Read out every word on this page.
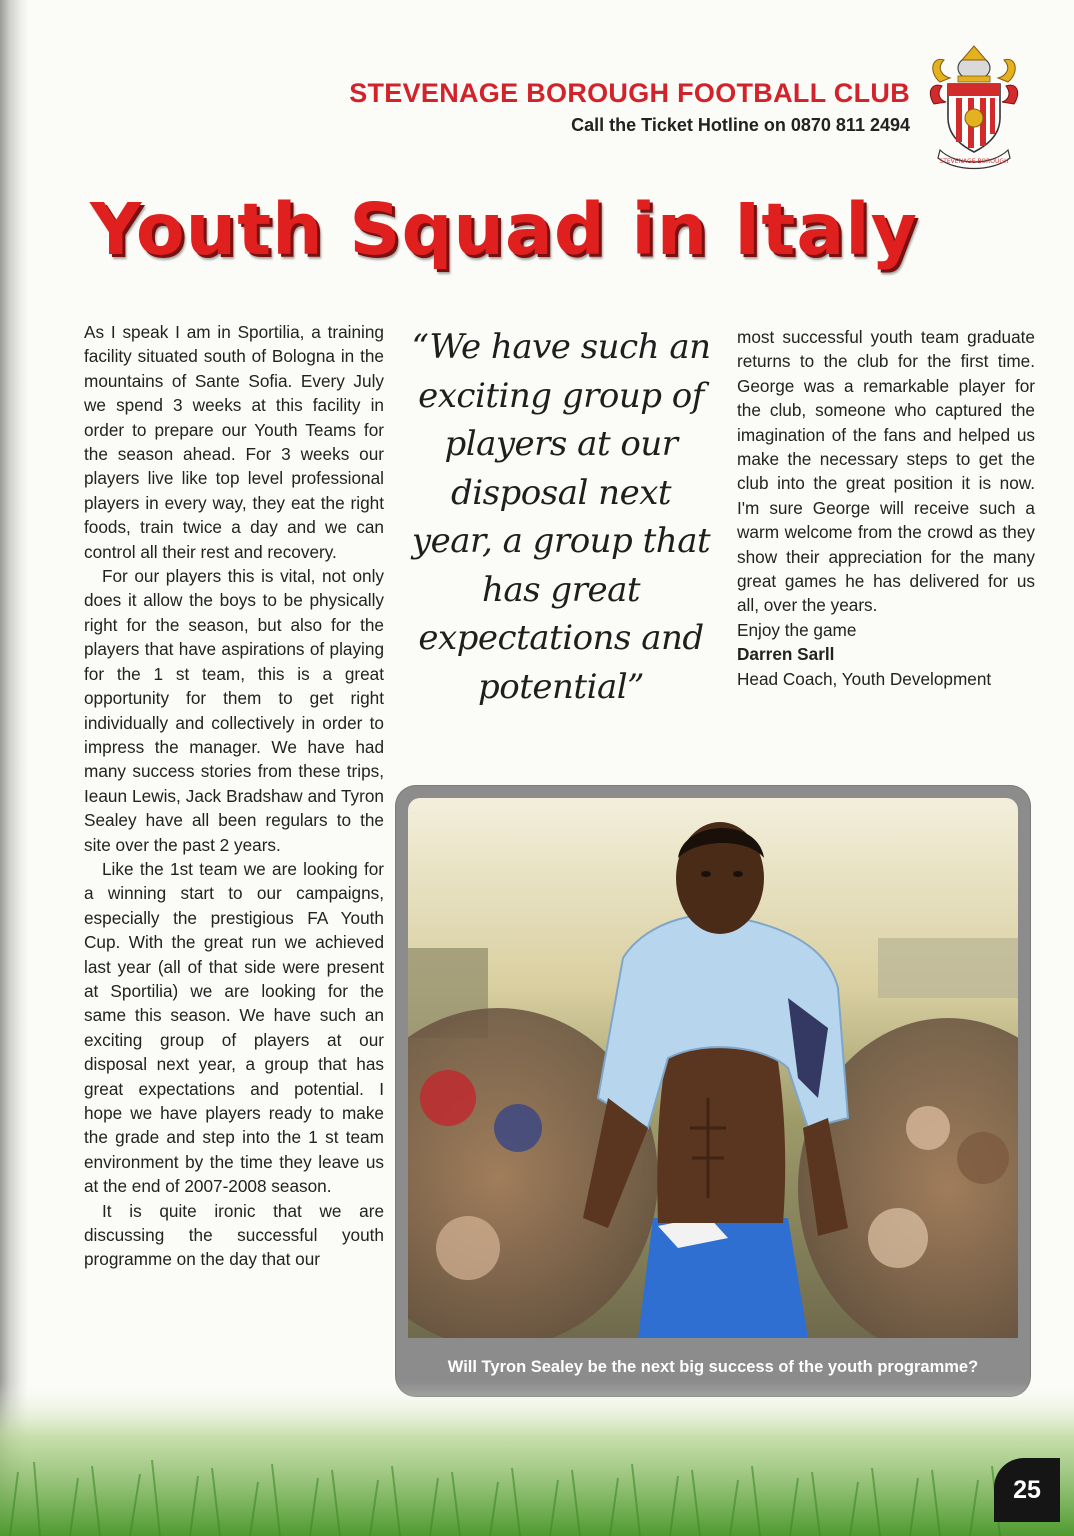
STEVENAGE BOROUGH FOOTBALL CLUB
Call the Ticket Hotline on 0870 811 2494
STEVENAGE BOROUGH
Youth Squad in Italy

As I speak I am in Sportilia, a training facility situated south of Bologna in the mountains of Sante Sofia. Every July we spend 3 weeks at this facility in order to prepare our Youth Teams for the season ahead. For 3 weeks our players live like top level professional players in every way, they eat the right foods, train twice a day and we can control all their rest and recovery.

For our players this is vital, not only does it allow the boys to be physically right for the season, but also for the players that have aspirations of playing for the 1 st team, this is a great opportunity for them to get right individually and collectively in order to impress the manager. We have had many success stories from these trips, Ieaun Lewis, Jack Bradshaw and Tyron Sealey have all been regulars to the site over the past 2 years.

Like the 1st team we are looking for a winning start to our campaigns, especially the prestigious FA Youth Cup. With the great run we achieved last year (all of that side were present at Sportilia) we are looking for the same this season. We have such an exciting group of players at our disposal next year, a group that has great expectations and potential. I hope we have players ready to make the grade and step into the 1 st team environment by the time they leave us at the end of 2007-2008 season.

It is quite ironic that we are discussing the successful youth programme on the day that our

“We have such an exciting group of players at our disposal next year, a group that has great expectations and potential”

most successful youth team graduate returns to the club for the first time. George was a remarkable player for the club, someone who captured the imagination of the fans and helped us make the necessary steps to get the club into the great position it is now. I'm sure George will receive such a warm welcome from the crowd as they show their appreciation for the many great games he has delivered for us all, over the years.

Enjoy the game

Darren Sarll

Head Coach, Youth Development

Will Tyron Sealey be the next big success of the youth programme?
25
